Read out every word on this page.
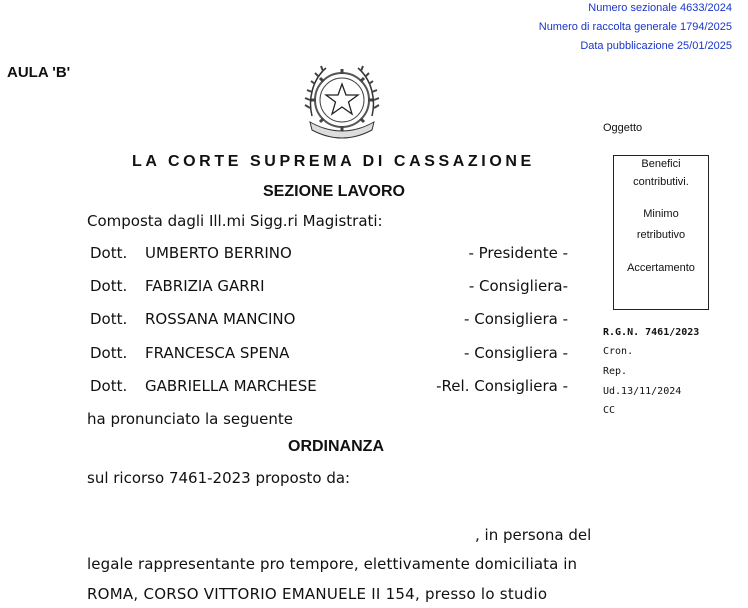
Numero sezionale 4633/2024
Numero di raccolta generale 1794/2025
Data pubblicazione 25/01/2025
AULA 'B'
LA CORTE SUPREMA DI CASSAZIONE
SEZIONE LAVORO
Composta dagli Ill.mi Sigg.ri Magistrati:
Dott. UMBERTO BERRINO	- Presidente -
Dott. FABRIZIA GARRI	- Consigliera-
Dott. ROSSANA MANCINO	- Consigliera -
Dott. FRANCESCA SPENA	- Consigliera -
Dott. GABRIELLA MARCHESE	-Rel. Consigliera -
ha pronunciato la seguente
ORDINANZA
sul ricorso 7461-2023 proposto da:
, in persona del
legale rappresentante pro tempore, elettivamente domiciliata in
ROMA, CORSO VITTORIO EMANUELE II 154, presso lo studio
Oggetto
Benefici
contributivi.
Minimo
retributivo
Accertamento
R.G.N. 7461/2023
Cron.
Rep.
Ud.13/11/2024
CC
